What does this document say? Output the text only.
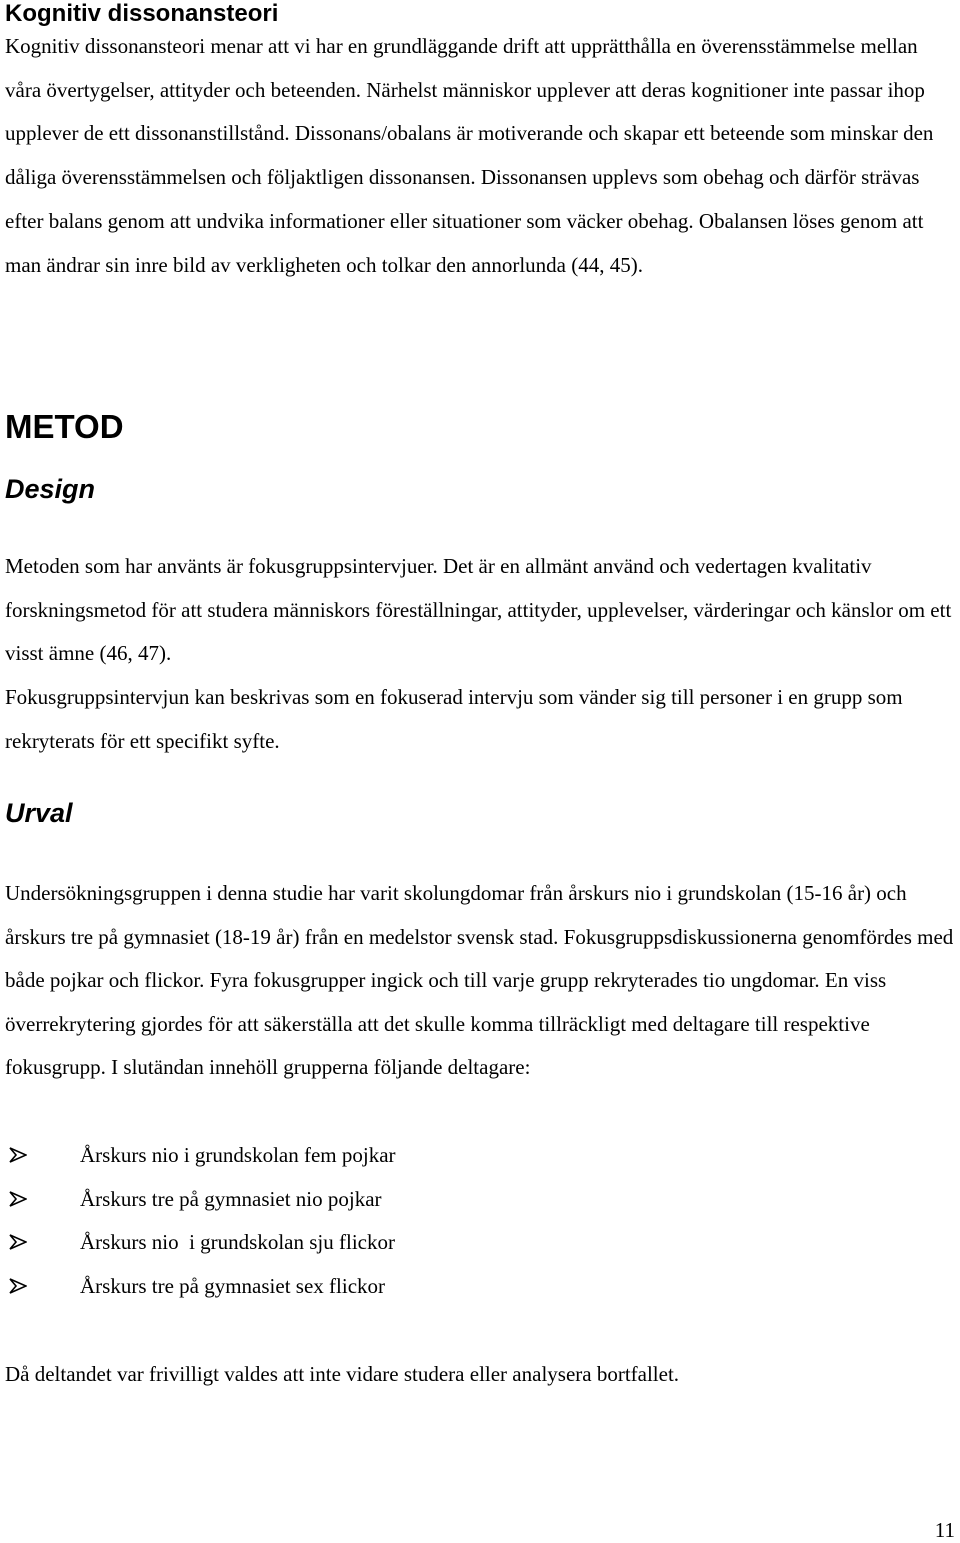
Kognitiv dissonansteori

Kognitiv dissonansteori menar att vi har en grundläggande drift att upprätthålla en överensstämmelse mellan våra övertygelser, attityder och beteenden. Närhelst människor upplever att deras kognitioner inte passar ihop upplever de ett dissonanstillstånd. Dissonans/obalans är motiverande och skapar ett beteende som minskar den dåliga överensstämmelsen och följaktligen dissonansen. Dissonansen upplevs som obehag och därför strävas efter balans genom att undvika informationer eller situationer som väcker obehag. Obalansen löses genom att man ändrar sin inre bild av verkligheten och tolkar den annorlunda (44, 45).

METOD
Design

Metoden som har använts är fokusgruppsintervjuer. Det är en allmänt använd och vedertagen kvalitativ forskningsmetod för att studera människors föreställningar, attityder, upplevelser, värderingar och känslor om ett visst ämne (46, 47).

Fokusgruppsintervjun kan beskrivas som en fokuserad intervju som vänder sig till personer i en grupp som rekryterats för ett specifikt syfte.

Urval

Undersökningsgruppen i denna studie har varit skolungdomar från årskurs nio i grundskolan (15-16 år) och årskurs tre på gymnasiet (18-19 år) från en medelstor svensk stad. Fokusgruppsdiskussionerna genomfördes med både pojkar och flickor. Fyra fokusgrupper ingick och till varje grupp rekryterades tio ungdomar. En viss överrekrytering gjordes för att säkerställa att det skulle komma tillräckligt med deltagare till respektive fokusgrupp. I slutändan innehöll grupperna följande deltagare:

Årskurs nio i grundskolan fem pojkar
Årskurs tre på gymnasiet nio pojkar
Årskurs nio  i grundskolan sju flickor
Årskurs tre på gymnasiet sex flickor

Då deltandet var frivilligt valdes att inte vidare studera eller analysera bortfallet.

11
